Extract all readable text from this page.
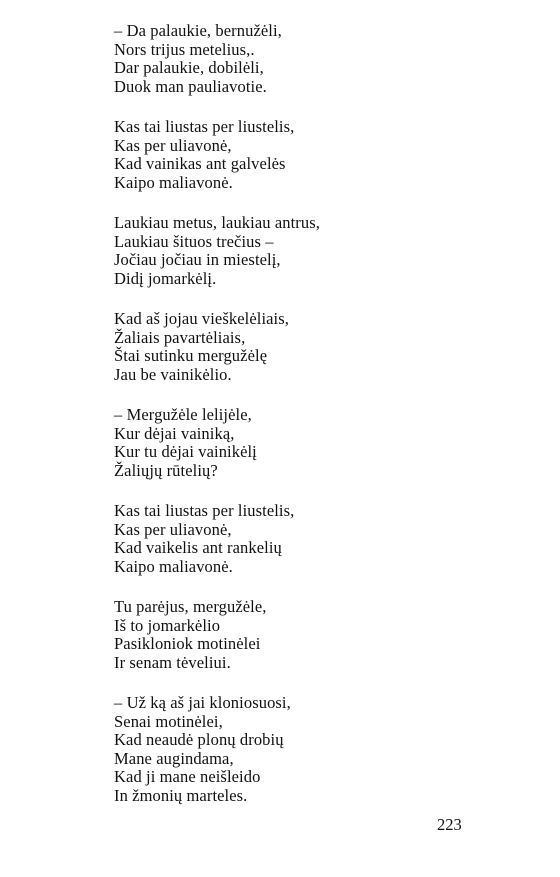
– Da palaukie, bernužėli,
Nors trijus metelius,.
Dar palaukie, dobilėli,
Duok man pauliavotie.
Kas tai liustas per liustelis,
Kas per uliavonė,
Kad vainikas ant galvelės
Kaipo maliavonė.
Laukiau metus, laukiau antrus,
Laukiau šituos trečius –
Jočiau jočiau in miestelį,
Didį jomarkėlį.
Kad aš jojau vieškelėliais,
Žaliais pavartėliais,
Štai sutinku mergužėlę
Jau be vainikėlio.
– Mergužėle lelijėle,
Kur dėjai vainiką,
Kur tu dėjai vainikėlį
Žaliųjų rūtelių?
Kas tai liustas per liustelis,
Kas per uliavonė,
Kad vaikelis ant rankelių
Kaipo maliavonė.
Tu parėjus, mergužėle,
Iš to jomarkėlio
Pasikloniok motinėlei
Ir senam tėveliui.
– Už ką aš jai kloniosuosi,
Senai motinėlei,
Kad neaudė plonų drobių
Mane augindama,
Kad ji mane neišleido
In žmonių marteles.
223
